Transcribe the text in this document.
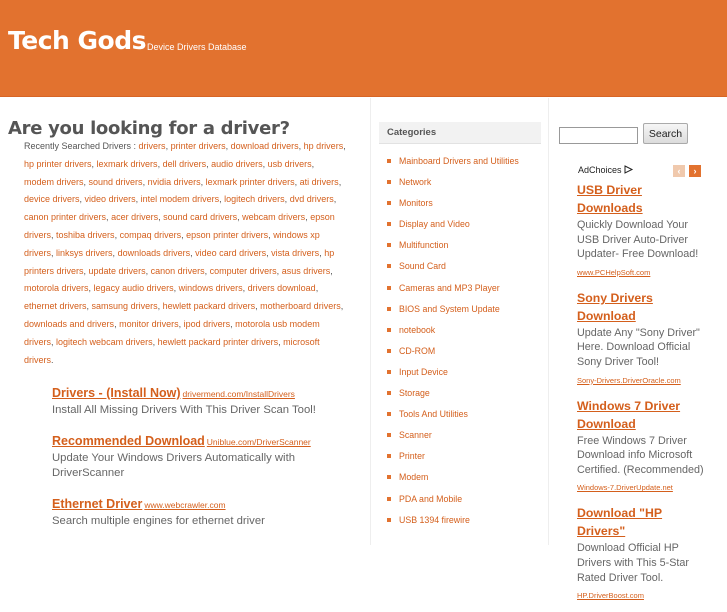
Tech Gods Device Drivers Database
Are you looking for a driver?
Recently Searched Drivers : drivers, printer drivers, download drivers, hp drivers, hp printer drivers, lexmark drivers, dell drivers, audio drivers, usb drivers, modem drivers, sound drivers, nvidia drivers, lexmark printer drivers, ati drivers, device drivers, video drivers, intel modem drivers, logitech drivers, dvd drivers, canon printer drivers, acer drivers, sound card drivers, webcam drivers, epson drivers, toshiba drivers, compaq drivers, epson printer drivers, windows xp drivers, linksys drivers, downloads drivers, video card drivers, vista drivers, hp printers drivers, update drivers, canon drivers, computer drivers, asus drivers, motorola drivers, legacy audio drivers, windows drivers, drivers download, ethernet drivers, samsung drivers, hewlett packard drivers, motherboard drivers, downloads and drivers, monitor drivers, ipod drivers, motorola usb modem drivers, logitech webcam drivers, hewlett packard printer drivers, microsoft drivers.
Drivers - (Install Now) drivermend.com/InstallDrivers
Install All Missing Drivers With This Driver Scan Tool!
Recommended Download Uniblue.com/DriverScanner
Update Your Windows Drivers Automatically with DriverScanner
Ethernet Driver www.webcrawler.com
Search multiple engines for ethernet driver
Categories
Mainboard Drivers and Utilities
Network
Monitors
Display and Video
Multifunction
Sound Card
Cameras and MP3 Player
BIOS and System Update
notebook
CD-ROM
Input Device
Storage
Tools And Utilities
Scanner
Printer
Modem
PDA and Mobile
USB 1394 firewire
Search
AdChoices	‹	›
USB Driver Downloads
Quickly Download Your USB Driver Auto-Driver Updater- Free Download!
www.PCHelpSoft.com
Sony Drivers Download
Update Any "Sony Driver" Here. Download Official Sony Driver Tool!
Sony-Drivers.DriverOracle.com
Windows 7 Driver Download
Free Windows 7 Driver Download info Microsoft Certified. (Recommended)
Windows-7.DriverUpdate.net
Download "HP Drivers"
Download Official HP Drivers with This 5-Star Rated Driver Tool.
HP.DriverBoost.com
